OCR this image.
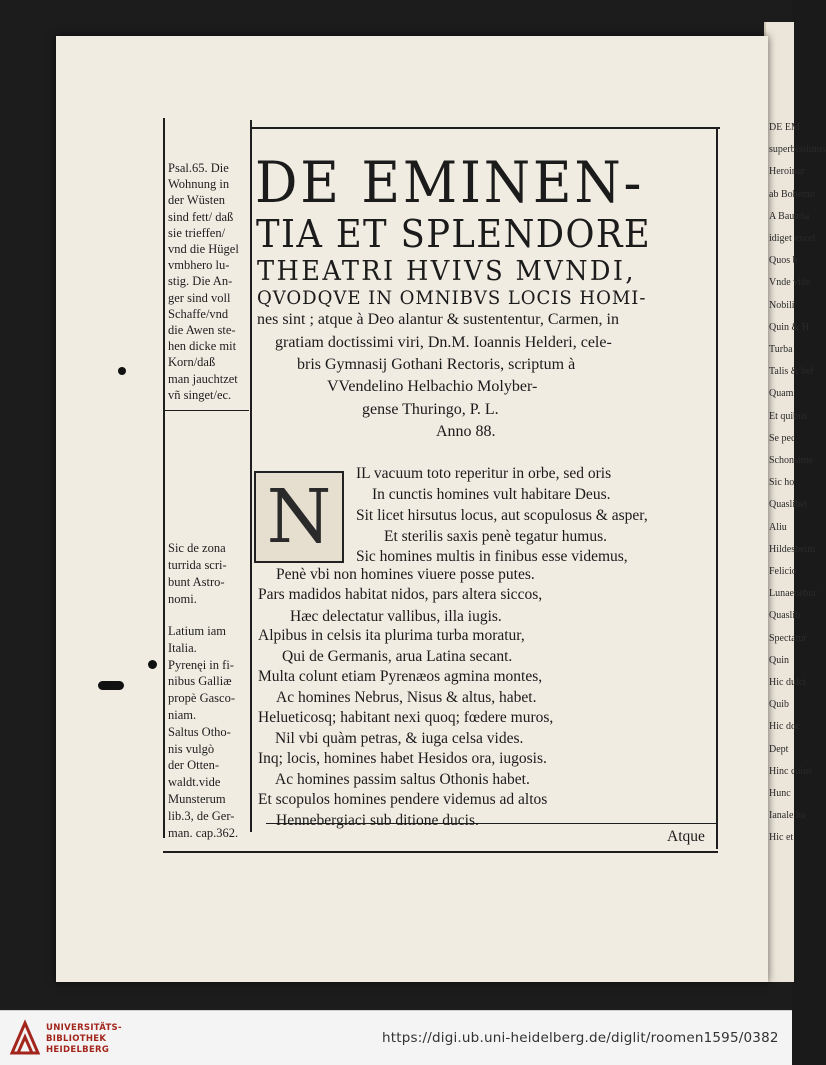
DE EM
superbissimus
Heroinar
ab Bohemo
A Bauaria
idiget excel
Quos b
Vnde vide
Nobili
Quin & H
Turba
Talis & bef
Quam
Et quibus
Se pec
Schonsime
Sic ho
Quaslibet
Aliu
Hildesheim
Felicio
Lunaenebur
Quaslib
Spectatur
Quin
Hic dulci
Quib
Hic doc
Dept
Hinc cuius
Hunc
Ianale hu
Hic et
Psal.65. Die
Wohnung in
der Wüsten
sind fett/ daß
sie trieffen/
vnd die Hügel
vmbhero lu-
stig. Die An-
ger sind voll
Schaffe/vnd
die Awen ste-
hen dicke mit
Korn/daß
man jauchtzet
vñ singet/ec.
Sic de zona
turrida scri-
bunt Astro-
nomi.
Latium iam
Italia.
Pyrenęi in fi-
nibus Galliæ
propè Gasco-
niam.
Saltus Otho-
nis vulgò
der Otten-
waldt.vide
Munsterum
lib.3, de Ger-
man. cap.362.
DE EMINEN-
TIA ET SPLENDORE
THEATRI HVIVS MVNDI,
QVODQVE IN OMNIBVS LOCIS HOMI-
nes sint ; atque à Deo alantur & sustententur, Carmen, in
gratiam doctissimi viri, Dn.M. Ioannis Helderi, cele-
bris Gymnasij Gothani Rectoris, scriptum à
VVendelino Helbachio Molyber-
gense Thuringo, P. L.
Anno 88.
N
IL vacuum toto reperitur in orbe, sed oris
In cunctis homines vult habitare Deus.
Sit licet hirsutus locus, aut scopulosus & asper,
Et sterilis saxis penè tegatur humus.
Sic homines multis in finibus esse videmus,
Penè vbi non homines viuere posse putes.
Pars madidos habitat nidos, pars altera siccos,
Hæc delectatur vallibus, illa iugis.
Alpibus in celsis ita plurima turba moratur,
Qui de Germanis, arua Latina secant.
Multa colunt etiam Pyrenæos agmina montes,
Ac homines Nebrus, Nisus & altus, habet.
Helueticosq; habitant nexi quoq; fœdere muros,
Nil vbi quàm petras, & iuga celsa vides.
Inq; locis, homines habet Hesidos ora, iugosis.
Ac homines passim saltus Othonis habet.
Et scopulos homines pendere videmus ad altos
Hennebergiaci sub ditione ducis.
Atque
UNIVERSITÄTS-
BIBLIOTHEK
HEIDELBERG
https://digi.ub.uni-heidelberg.de/diglit/roomen1595/0382
